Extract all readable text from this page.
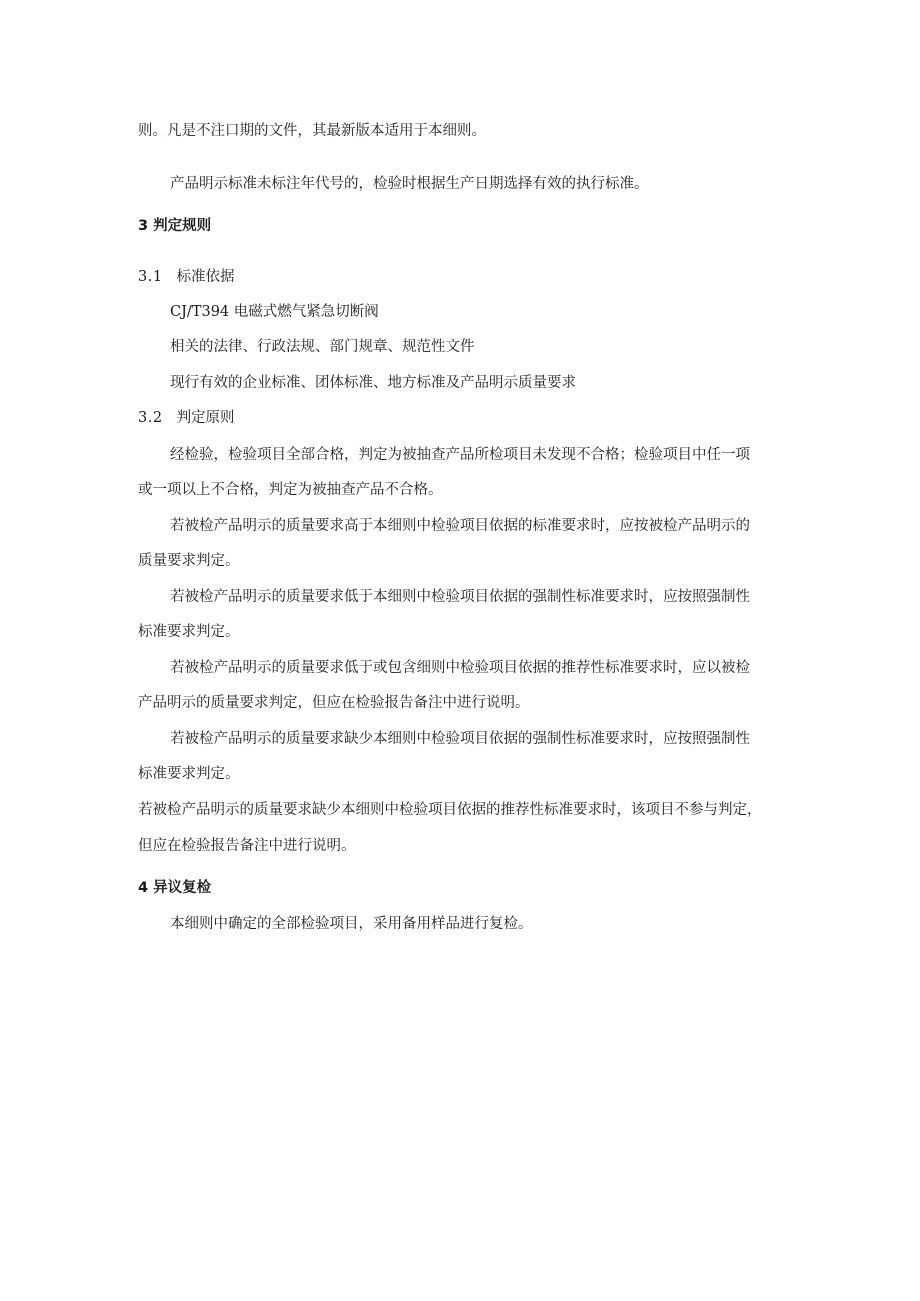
则。凡是不注口期的文件，其最新版本适用于本细则。
产品明示标准未标注年代号的，检验时根据生产日期选择有效的执行标准。
3 判定规则
3.1 标准依据
CJ/T394 电磁式燃气紧急切断阀
相关的法律、行政法规、部门规章、规范性文件
现行有效的企业标准、团体标准、地方标准及产品明示质量要求
3.2 判定原则
经检验，检验项目全部合格，判定为被抽查产品所检项目未发现不合格；检验项目中任一项
或一项以上不合格，判定为被抽查产品不合格。
若被检产品明示的质量要求高于本细则中检验项目依据的标准要求时，应按被检产品明示的
质量要求判定。
若被检产品明示的质量要求低于本细则中检验项目依据的强制性标准要求时，应按照强制性
标准要求判定。
若被检产品明示的质量要求低于或包含细则中检验项目依据的推荐性标准要求时，应以被检
产品明示的质量要求判定，但应在检验报告备注中进行说明。
若被检产品明示的质量要求缺少本细则中检验项目依据的强制性标准要求时，应按照强制性
标准要求判定。
若被检产品明示的质量要求缺少本细则中检验项目依据的推荐性标准要求时，该项目不参与判定，
但应在检验报告备注中进行说明。
4 异议复检
本细则中确定的全部检验项目，采用备用样品进行复检。
